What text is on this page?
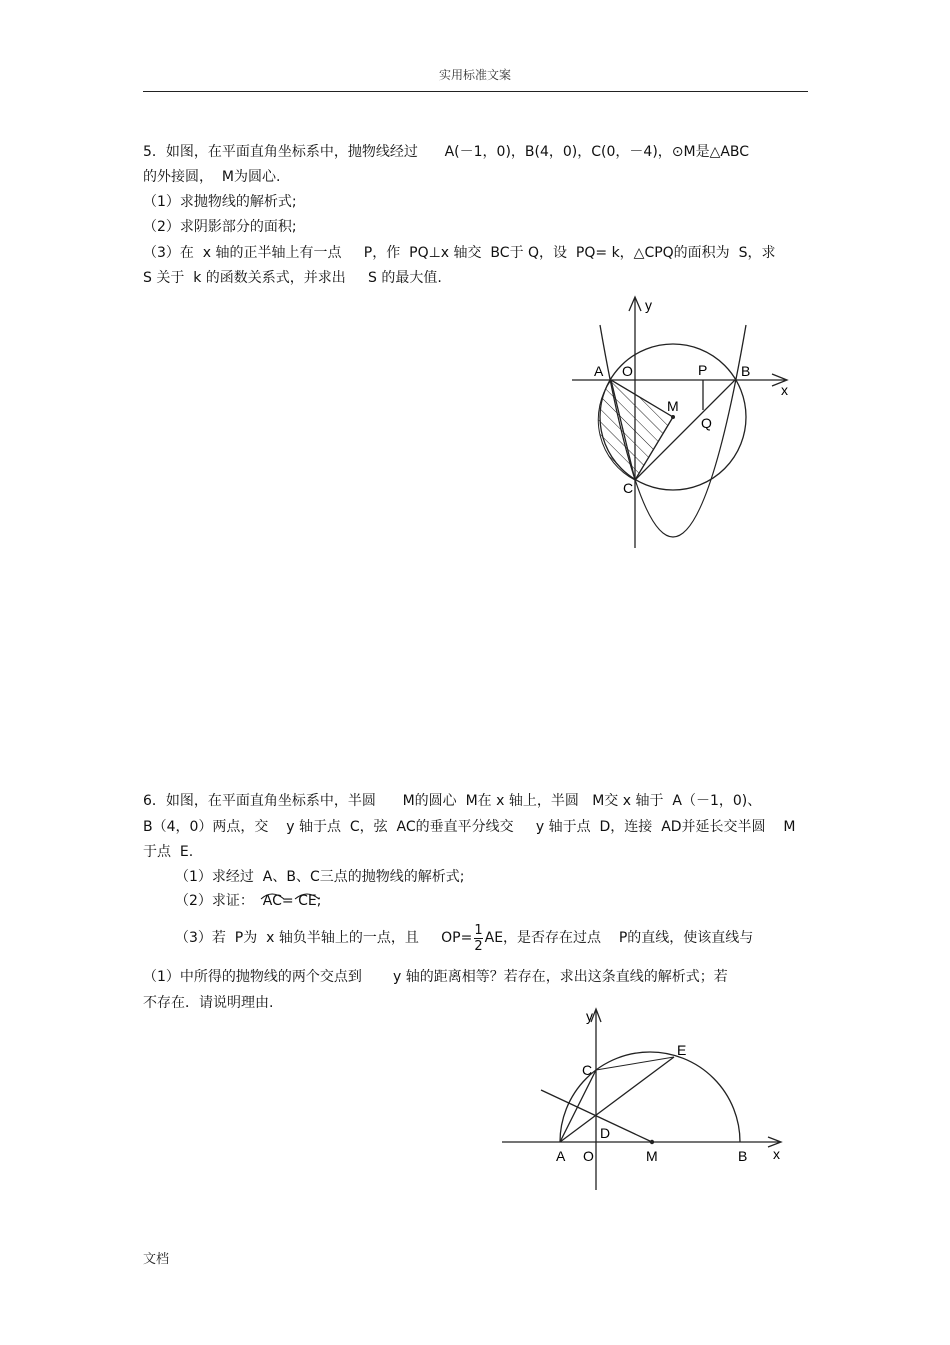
实用标准文案
5．如图，在平面直角坐标系中，抛物线经过      A(－1，0)，B(4，0)，C(0，－4)，⊙M是△ABC
的外接圆，  M为圆心.
（1）求抛物线的解析式;
（2）求阴影部分的面积;
（3）在  x 轴的正半轴上有一点     P，作  PQ⊥x 轴交  BC于 Q，设  PQ= k，△CPQ的面积为  S，求
S 关于  k 的函数关系式，并求出     S 的最大值.
y
x
A O	P B
M
Q
C
6．如图，在平面直角坐标系中，半圆      M的圆心  M在 x 轴上，半圆   M交 x 轴于  A（－1，0)、
B（4，0）两点，交    y 轴于点  C，弦  AC的垂直平分线交     y 轴于点  D，连接  AD并延长交半圆    M
于点  E.
（1）求经过  A、B、C三点的抛物线的解析式;
（2）求证：  AC= CE;
（3）若  P为  x 轴负半轴上的一点，且     $OP= \frac{1}{2}$ AE，是否存在过点    P的直线，使该直线与
（1）中所得的抛物线的两个交点到       y 轴的距离相等？若存在，求出这条直线的解析式；若
不存在．请说明理由.
y
x
C
E
D
A O	M	B
文档
